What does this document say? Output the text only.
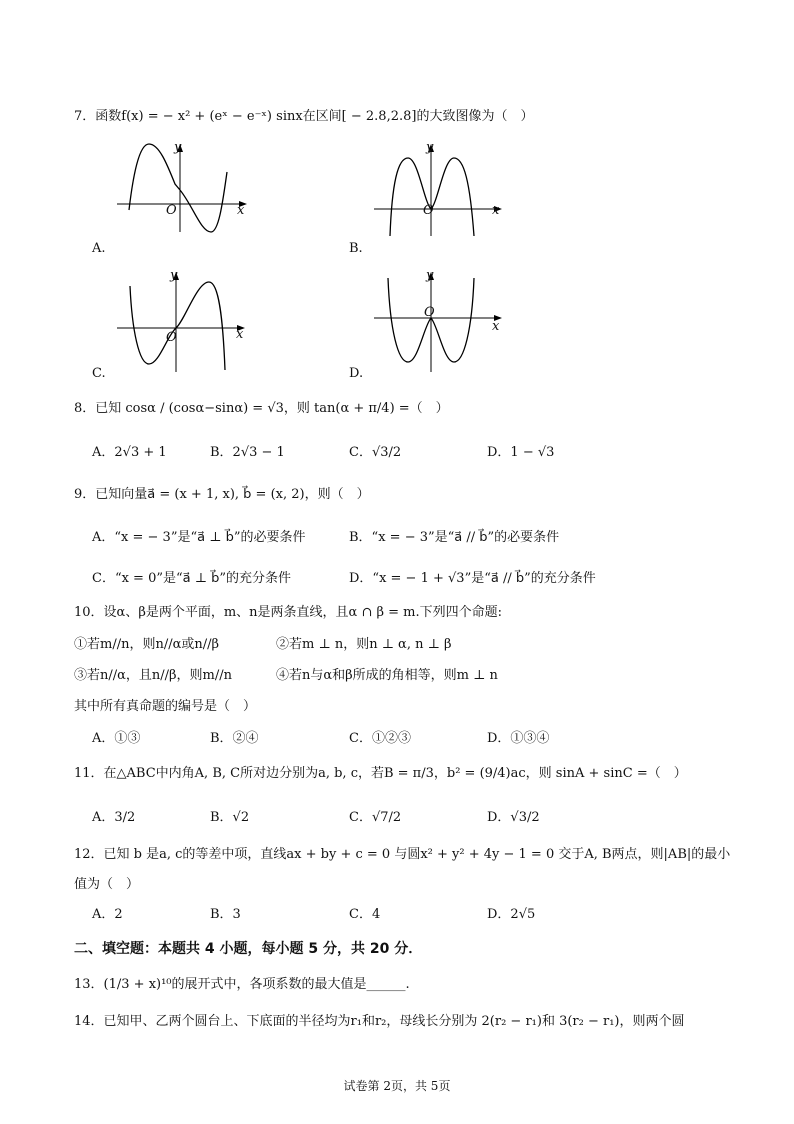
7．函数f(x) = − x² + (eˣ − e⁻ˣ) sinx在区间[ − 2.8,2.8]的大致图像为（　）
y
x
O
A.
y
x
O
B.
y
x
O
C.
y
x
O
D.
8．已知 cosα / (cosα−sinα) = √3，则 tan(α + π/4) =（　）
A．2√3 + 1	B．2√3 − 1	C．√3/2	D．1 − √3
9．已知向量a⃗ = (x + 1, x), b⃗ = (x, 2)，则（　）
A．“x = − 3”是“a⃗ ⊥ b⃗”的必要条件	B．“x = − 3”是“a⃗ // b⃗”的必要条件
C．“x = 0”是“a⃗ ⊥ b⃗”的充分条件	D．“x = − 1 + √3”是“a⃗ // b⃗”的充分条件
10．设α、β是两个平面，m、n是两条直线，且α ∩ β = m.下列四个命题:
①若m//n，则n//α或n//β	②若m ⊥ n，则n ⊥ α, n ⊥ β
③若n//α，且n//β，则m//n	④若n与α和β所成的角相等，则m ⊥ n
其中所有真命题的编号是（　）
A．①③	B．②④	C．①②③	D．①③④
11．在△ABC中内角A, B, C所对边分别为a, b, c，若B = π/3，b² = (9/4)ac，则 sinA + sinC =（　）
A．3/2	B．√2	C．√7/2	D．√3/2
12．已知 b 是a, c的等差中项，直线ax + by + c = 0 与圆x² + y² + 4y − 1 = 0 交于A, B两点，则|AB|的最小
值为（　）
A．2	B．3	C．4	D．2√5
二、填空题：本题共 4 小题，每小题 5 分，共 20 分．
13．(1/3 + x)¹⁰的展开式中，各项系数的最大值是______.
14．已知甲、乙两个圆台上、下底面的半径均为r₁和r₂，母线长分别为 2(r₂ − r₁)和 3(r₂ − r₁)，则两个圆
试卷第 2页，共 5页
